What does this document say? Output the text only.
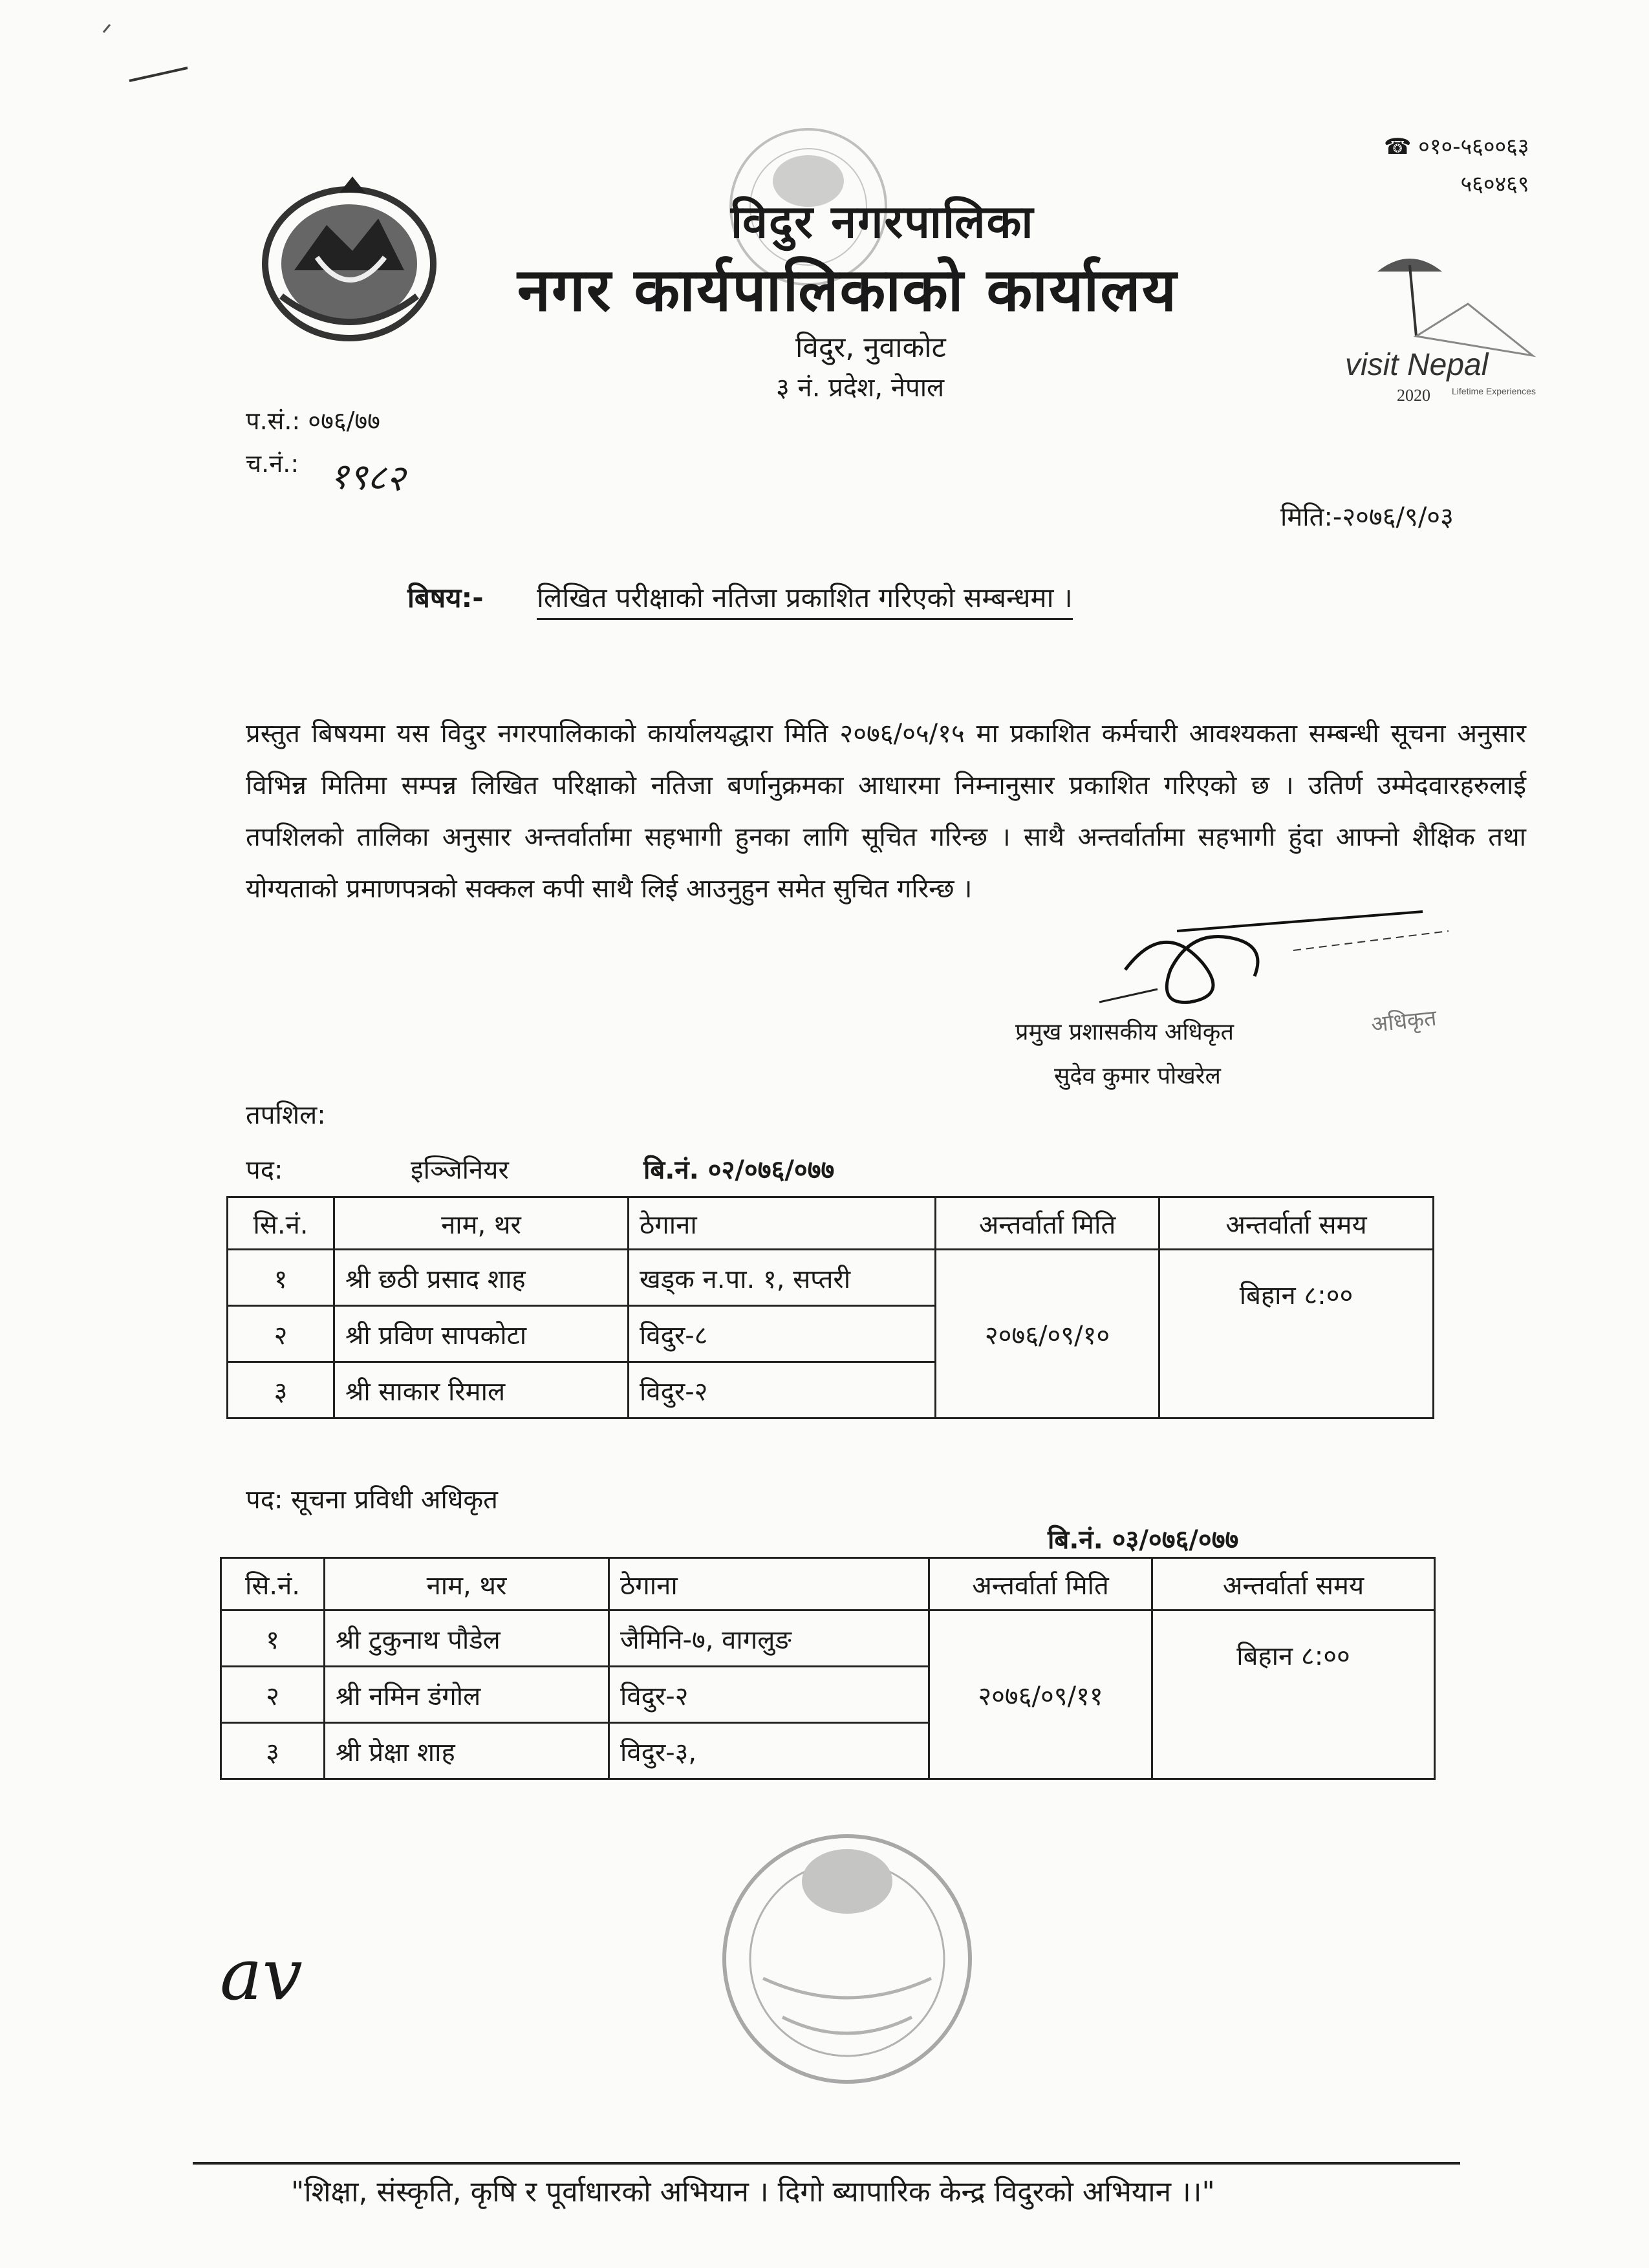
विदुर नगरपालिका
नगर कार्यपालिकाको कार्यालय
विदुर, नुवाकोट
३ नं. प्रदेश, नेपाल
☎ ०१०-५६००६३
५६०४६९
visit Nepal
2020 Lifetime Experiences
प.सं.: ०७६/७७
च.नं.: १९८२
मिति:-२०७६/९/०३
बिषय:- लिखित परीक्षाको नतिजा प्रकाशित गरिएको सम्बन्धमा ।
प्रस्तुत बिषयमा यस विदुर नगरपालिकाको कार्यालयद्धारा मिति २०७६/०५/१५ मा प्रकाशित कर्मचारी आवश्यकता सम्बन्धी सूचना अनुसार विभिन्न मितिमा सम्पन्न लिखित परिक्षाको नतिजा बर्णानुक्रमका आधारमा निम्नानुसार प्रकाशित गरिएको छ । उतिर्ण उम्मेदवारहरुलाई तपशिलको तालिका अनुसार अन्तर्वार्तामा सहभागी हुनका लागि सूचित गरिन्छ । साथै अन्तर्वार्तामा सहभागी हुंदा आफ्नो शैक्षिक तथा योग्यताको प्रमाणपत्रको सक्कल कपी साथै लिई आउनुहुन समेत सुचित गरिन्छ ।
प्रमुख प्रशासकीय अधिकृत	अधिकृत
सुदेव कुमार पोखरेल
तपशिल:
पद:	इञ्जिनियर	बि.नं. ०२/०७६/०७७
सि.नं.	नाम, थर	ठेगाना	अन्तर्वार्ता मिति	अन्तर्वार्ता समय
१	श्री छठी प्रसाद शाह	खड्क न.पा. १, सप्तरी	२०७६/०९/१०	बिहान ८:००
२	श्री प्रविण सापकोटा	विदुर-८		
३	श्री साकार रिमाल	विदुर-२		
पद: सूचना प्रविधी अधिकृत
बि.नं. ०३/०७६/०७७
सि.नं.	नाम, थर	ठेगाना	अन्तर्वार्ता मिति	अन्तर्वार्ता समय
१	श्री टुकुनाथ पौडेल	जैमिनि-७, वागलुङ	२०७६/०९/११	बिहान ८:००
२	श्री नमिन डंगोल	विदुर-२		
३	श्री प्रेक्षा शाह	विदुर-३,		
av
"शिक्षा, संस्कृति, कृषि र पूर्वाधारको अभियान । दिगो ब्यापारिक केन्द्र विदुरको अभियान ।।"
